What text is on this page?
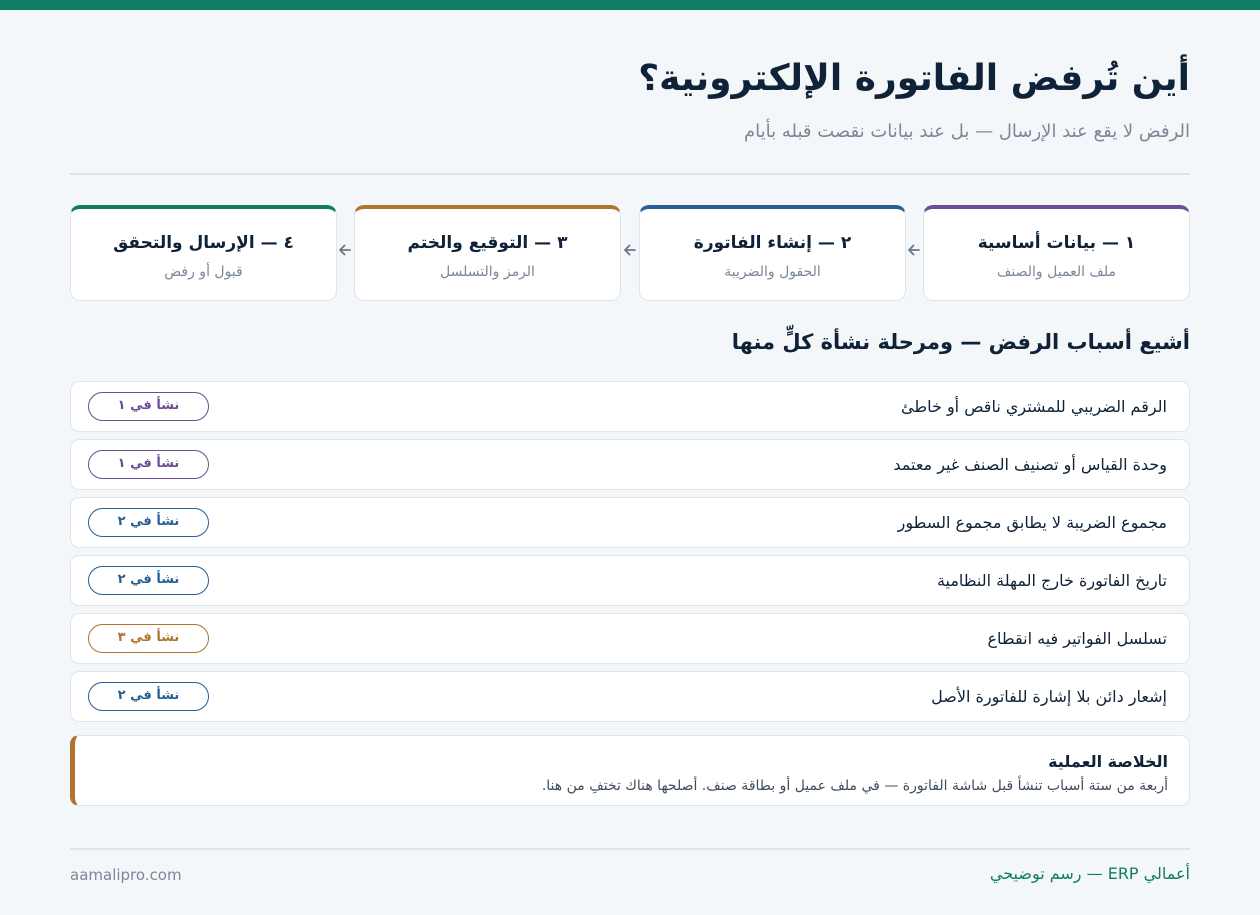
أين تُرفض الفاتورة الإلكترونية؟
الرفض لا يقع عند الإرسال — بل عند بيانات نقصت قبله بأيام
١ — بيانات أساسية
ملف العميل والصنف
٢ — إنشاء الفاتورة
الحقول والضريبة
٣ — التوقيع والختم
الرمز والتسلسل
٤ — الإرسال والتحقق
قبول أو رفض
أشيع أسباب الرفض — ومرحلة نشأة كلٍّ منها
الرقم الضريبي للمشتري ناقص أو خاطئ
نشأ في ١
وحدة القياس أو تصنيف الصنف غير معتمد
نشأ في ١
مجموع الضريبة لا يطابق مجموع السطور
نشأ في ٢
تاريخ الفاتورة خارج المهلة النظامية
نشأ في ٢
تسلسل الفواتير فيه انقطاع
نشأ في ٣
إشعار دائن بلا إشارة للفاتورة الأصل
نشأ في ٢
الخلاصة العملية
أربعة من ستة أسباب تنشأ قبل شاشة الفاتورة — في ملف عميل أو بطاقة صنف. أصلحها هناك تختفِ من هنا.
أعمالي ERP — رسم توضيحي
aamalipro.com
